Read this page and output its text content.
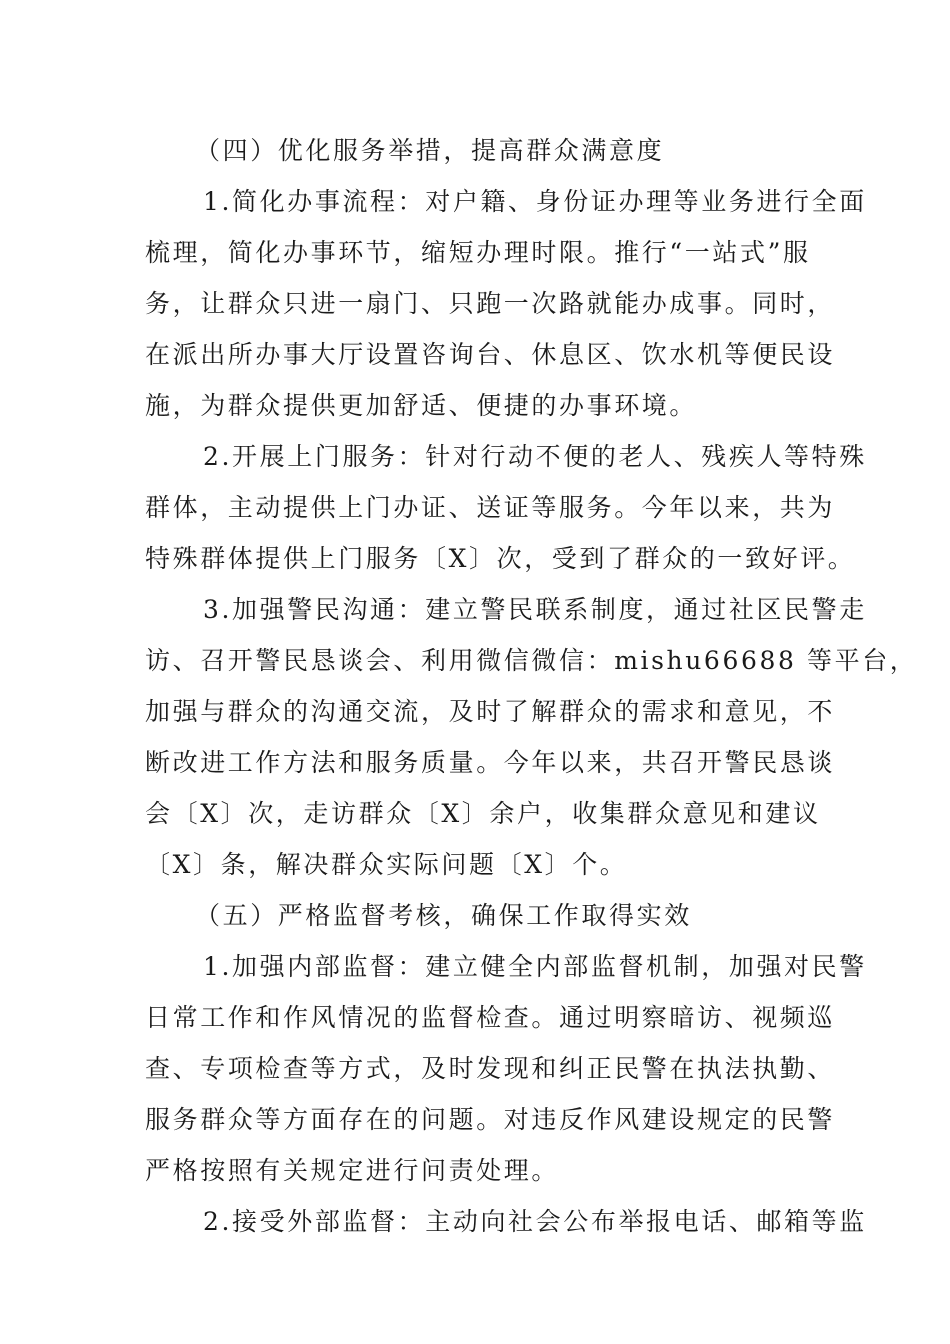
（四）优化服务举措，提高群众满意度
1.简化办事流程：对户籍、身份证办理等业务进行全面
梳理，简化办事环节，缩短办理时限。推行“一站式”服
务，让群众只进一扇门、只跑一次路就能办成事。同时，
在派出所办事大厅设置咨询台、休息区、饮水机等便民设
施，为群众提供更加舒适、便捷的办事环境。
2.开展上门服务：针对行动不便的老人、残疾人等特殊
群体，主动提供上门办证、送证等服务。今年以来，共为
特殊群体提供上门服务〔X〕次，受到了群众的一致好评。
3.加强警民沟通：建立警民联系制度，通过社区民警走
访、召开警民恳谈会、利用微信微信：mishu66688 等平台，
加强与群众的沟通交流，及时了解群众的需求和意见，不
断改进工作方法和服务质量。今年以来，共召开警民恳谈
会〔X〕次，走访群众〔X〕余户，收集群众意见和建议
〔X〕条，解决群众实际问题〔X〕个。
（五）严格监督考核，确保工作取得实效
1.加强内部监督：建立健全内部监督机制，加强对民警
日常工作和作风情况的监督检查。通过明察暗访、视频巡
查、专项检查等方式，及时发现和纠正民警在执法执勤、
服务群众等方面存在的问题。对违反作风建设规定的民警
严格按照有关规定进行问责处理。
2.接受外部监督：主动向社会公布举报电话、邮箱等监
